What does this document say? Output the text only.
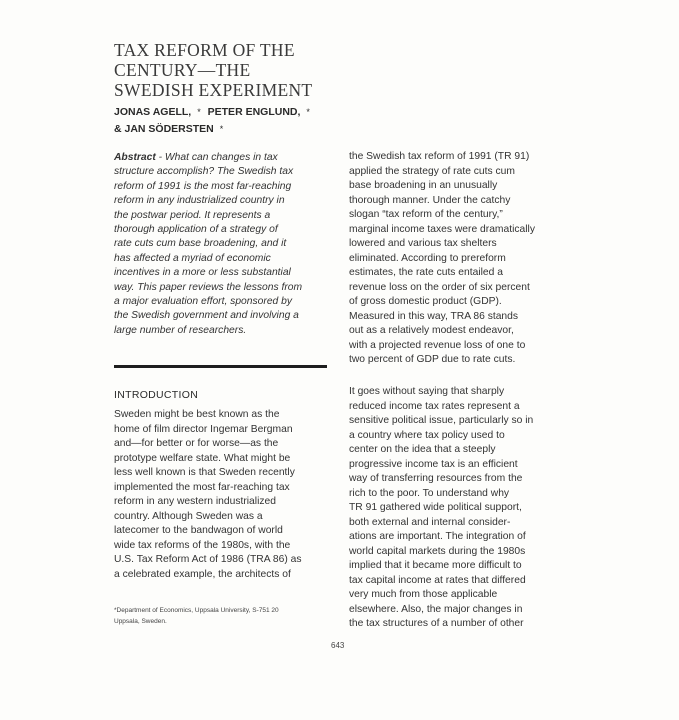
TAX REFORM OF THE
CENTURY—THE
SWEDISH EXPERIMENT
JONAS AGELL, * PETER ENGLUND, *
& JAN SÖDERSTEN *
Abstract - What can changes in tax
structure accomplish? The Swedish tax
reform of 1991 is the most far-reaching
reform in any industrialized country in
the postwar period. It represents a
thorough application of a strategy of
rate cuts cum base broadening, and it
has affected a myriad of economic
incentives in a more or less substantial
way. This paper reviews the lessons from
a major evaluation effort, sponsored by
the Swedish government and involving a
large number of researchers.
INTRODUCTION
Sweden might be best known as the
home of film director Ingemar Bergman
and—for better or for worse—as the
prototype welfare state. What might be
less well known is that Sweden recently
implemented the most far-reaching tax
reform in any western industrialized
country. Although Sweden was a
latecomer to the bandwagon of world
wide tax reforms of the 1980s, with the
U.S. Tax Reform Act of 1986 (TRA 86) as
a celebrated example, the architects of
the Swedish tax reform of 1991 (TR 91)
applied the strategy of rate cuts cum
base broadening in an unusually
thorough manner. Under the catchy
slogan “tax reform of the century,”
marginal income taxes were dramatically
lowered and various tax shelters
eliminated. According to prereform
estimates, the rate cuts entailed a
revenue loss on the order of six percent
of gross domestic product (GDP).
Measured in this way, TRA 86 stands
out as a relatively modest endeavor,
with a projected revenue loss of one to
two percent of GDP due to rate cuts.
It goes without saying that sharply
reduced income tax rates represent a
sensitive political issue, particularly so in
a country where tax policy used to
center on the idea that a steeply
progressive income tax is an efficient
way of transferring resources from the
rich to the poor. To understand why
TR 91 gathered wide political support,
both external and internal consider-
ations are important. The integration of
world capital markets during the 1980s
implied that it became more difficult to
tax capital income at rates that differed
very much from those applicable
elsewhere. Also, the major changes in
the tax structures of a number of other
*Department of Economics, Uppsala University, S-751 20
Uppsala, Sweden.
643
